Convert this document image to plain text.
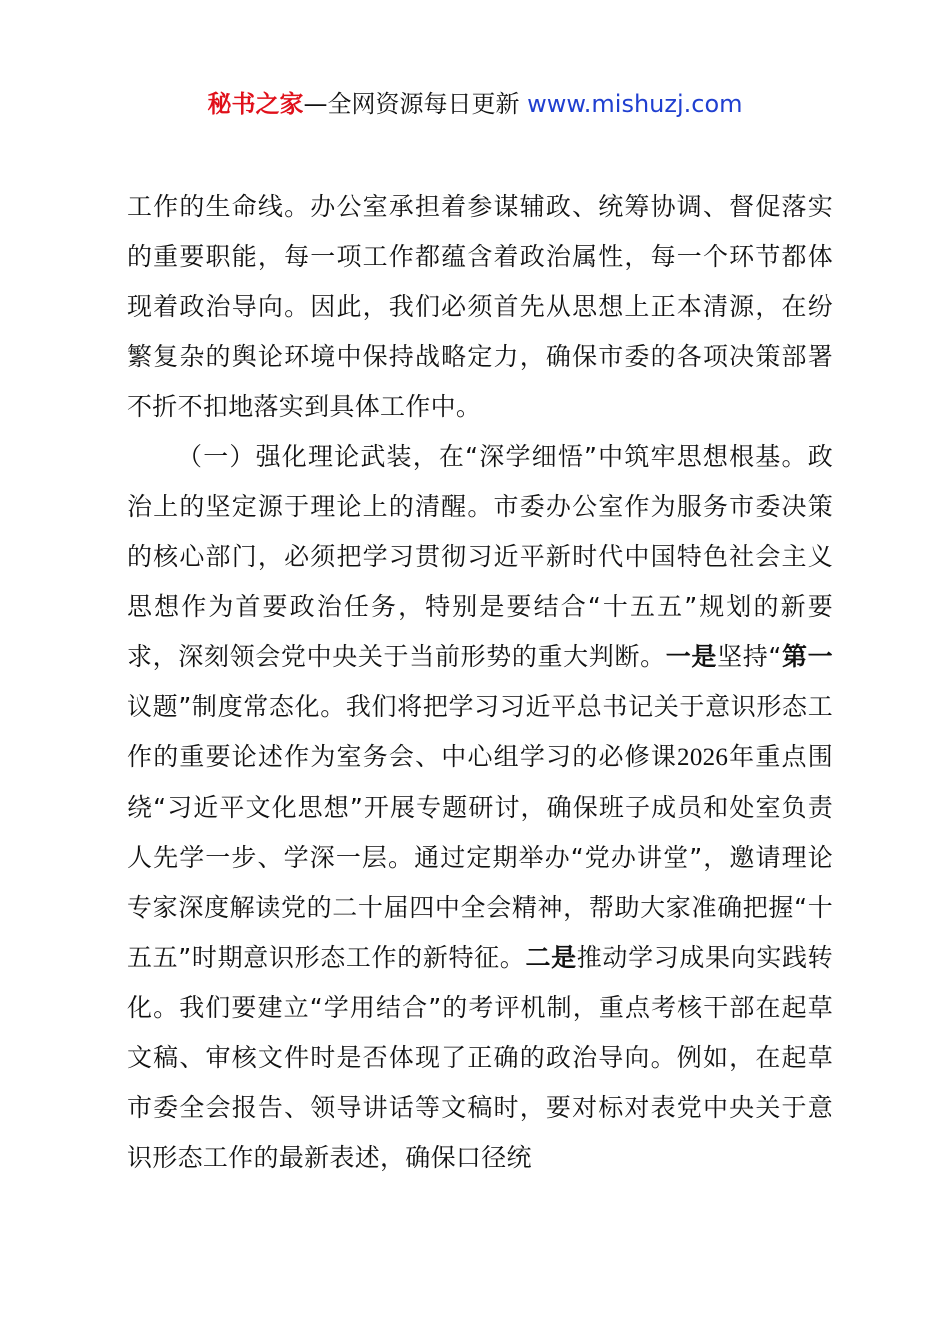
秘书之家—全网资源每日更新 www.mishuzj.com

工作的生命线。办公室承担着参谋辅政、统筹协调、督促落实的重要职能，每一项工作都蕴含着政治属性，每一个环节都体现着政治导向。因此，我们必须首先从思想上正本清源，在纷繁复杂的舆论环境中保持战略定力，确保市委的各项决策部署不折不扣地落实到具体工作中。

（一）强化理论武装，在“深学细悟”中筑牢思想根基。政治上的坚定源于理论上的清醒。市委办公室作为服务市委决策的核心部门，必须把学习贯彻习近平新时代中国特色社会主义思想作为首要政治任务，特别是要结合“十五五”规划的新要求，深刻领会党中央关于当前形势的重大判断。一是坚持“第一议题”制度常态化。我们将把学习习近平总书记关于意识形态工作的重要论述作为室务会、中心组学习的必修课2026年重点围绕“习近平文化思想”开展专题研讨，确保班子成员和处室负责人先学一步、学深一层。通过定期举办“党办讲堂”，邀请理论专家深度解读党的二十届四中全会精神，帮助大家准确把握“十五五”时期意识形态工作的新特征。二是推动学习成果向实践转化。我们要建立“学用结合”的考评机制，重点考核干部在起草文稿、审核文件时是否体现了正确的政治导向。例如，在起草市委全会报告、领导讲话等文稿时，要对标对表党中央关于意识形态工作的最新表述，确保口径统
